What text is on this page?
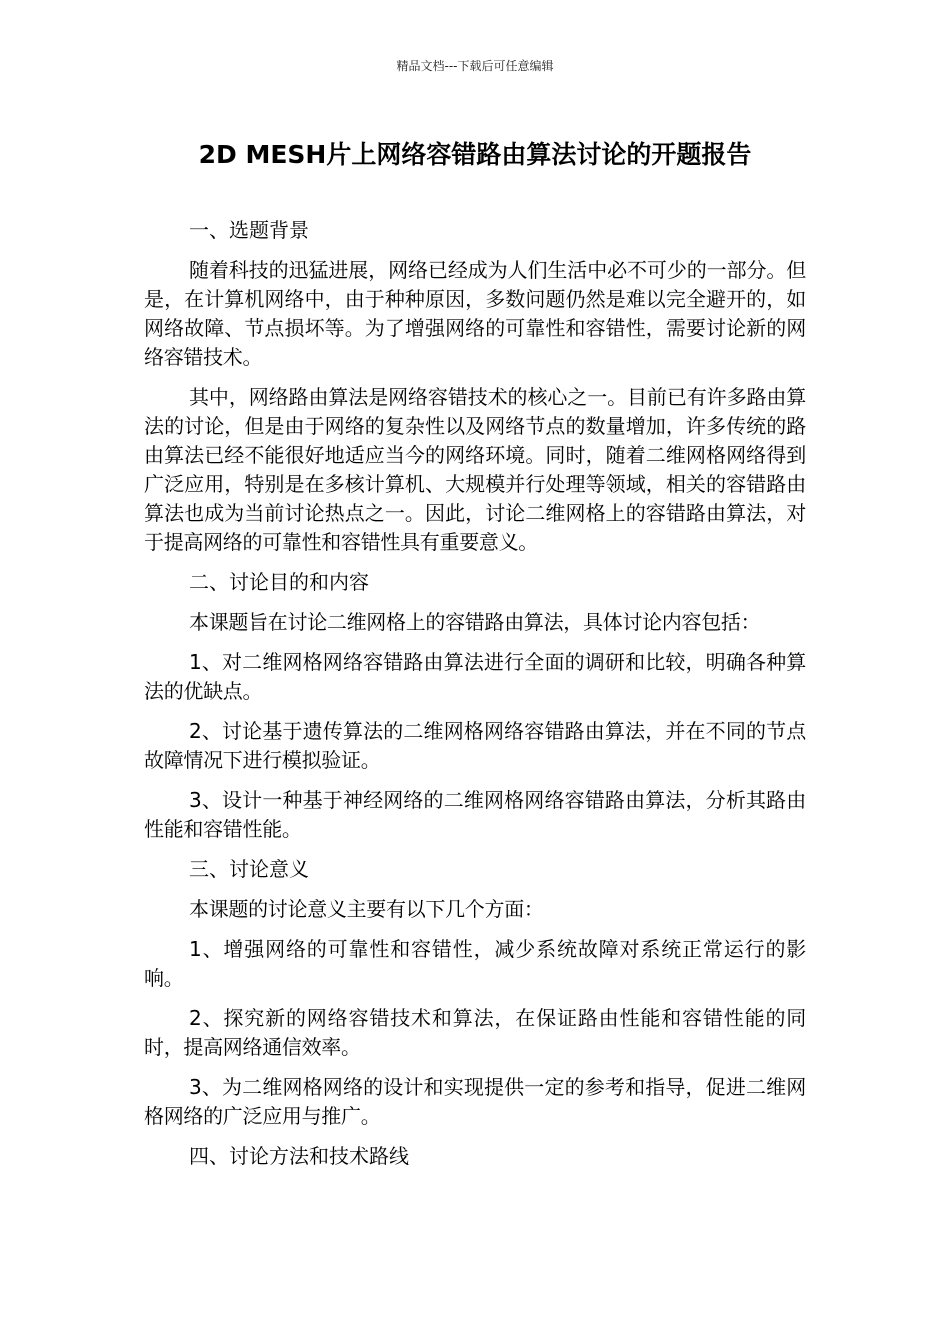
精品文档---下载后可任意编辑
2D MESH片上网络容错路由算法讨论的开题报告

一、选题背景

随着科技的迅猛进展，网络已经成为人们生活中必不可少的一部分。但是，在计算机网络中，由于种种原因，多数问题仍然是难以完全避开的，如网络故障、节点损坏等。为了增强网络的可靠性和容错性，需要讨论新的网络容错技术。

其中，网络路由算法是网络容错技术的核心之一。目前已有许多路由算法的讨论，但是由于网络的复杂性以及网络节点的数量增加，许多传统的路由算法已经不能很好地适应当今的网络环境。同时，随着二维网格网络得到广泛应用，特别是在多核计算机、大规模并行处理等领域，相关的容错路由算法也成为当前讨论热点之一。因此，讨论二维网格上的容错路由算法，对于提高网络的可靠性和容错性具有重要意义。

二、讨论目的和内容

本课题旨在讨论二维网格上的容错路由算法，具体讨论内容包括：

1、对二维网格网络容错路由算法进行全面的调研和比较，明确各种算法的优缺点。

2、讨论基于遗传算法的二维网格网络容错路由算法，并在不同的节点故障情况下进行模拟验证。

3、设计一种基于神经网络的二维网格网络容错路由算法，分析其路由性能和容错性能。

三、讨论意义

本课题的讨论意义主要有以下几个方面：

1、增强网络的可靠性和容错性，减少系统故障对系统正常运行的影响。

2、探究新的网络容错技术和算法，在保证路由性能和容错性能的同时，提高网络通信效率。

3、为二维网格网络的设计和实现提供一定的参考和指导，促进二维网格网络的广泛应用与推广。

四、讨论方法和技术路线
